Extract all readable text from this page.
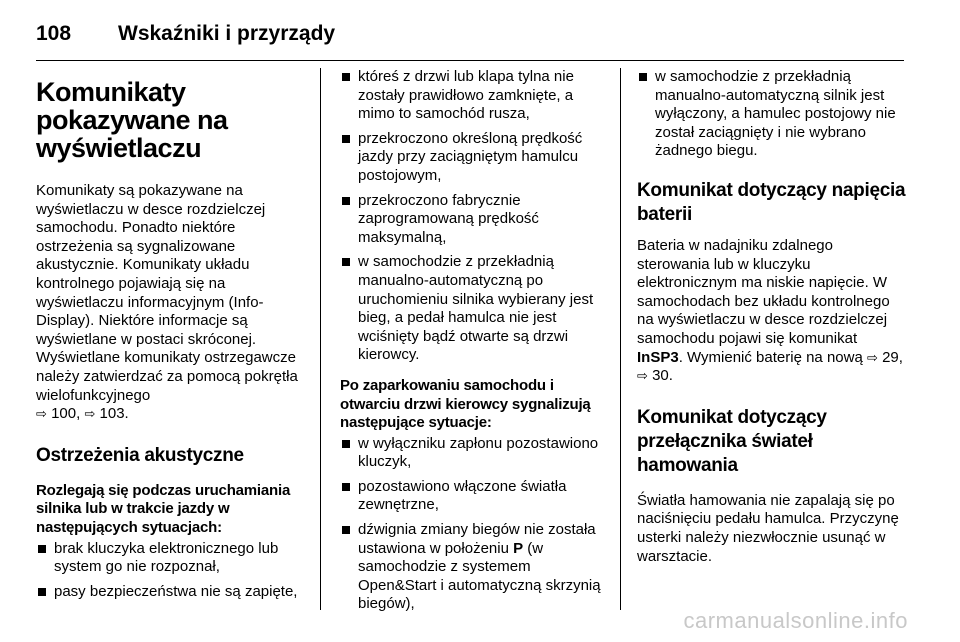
108	Wskaźniki i przyrządy
Komunikaty pokazywane na wyświetlaczu

Komunikaty są pokazywane na wyświetlaczu w desce rozdzielczej samochodu. Ponadto niektóre ostrzeżenia są sygnalizowane akustycznie. Komunikaty układu kontrolnego pojawiają się na wyświetlaczu informacyjnym (Info-Display). Niektóre informacje są wyświetlane w postaci skróconej. Wyświetlane komunikaty ostrzegawcze należy zatwierdzać za pomocą pokrętła wielofunkcyjnego
⇨ 100, ⇨ 103.

Ostrzeżenia akustyczne
Rozlegają się podczas uruchamiania silnika lub w trakcie jazdy w następujących sytuacjach:
brak kluczyka elektronicznego lub system go nie rozpoznał,
pasy bezpieczeństwa nie są zapięte,
któreś z drzwi lub klapa tylna nie zostały prawidłowo zamknięte, a mimo to samochód rusza,
przekroczono określoną prędkość jazdy przy zaciągniętym hamulcu postojowym,
przekroczono fabrycznie zaprogramowaną prędkość maksymalną,
w samochodzie z przekładnią manualno-automatyczną po uruchomieniu silnika wybierany jest bieg, a pedał hamulca nie jest wciśnięty bądź otwarte są drzwi kierowcy.
Po zaparkowaniu samochodu i otwarciu drzwi kierowcy sygnalizują następujące sytuacje:
w wyłączniku zapłonu pozostawiono kluczyk,
pozostawiono włączone światła zewnętrzne,
dźwignia zmiany biegów nie została ustawiona w położeniu P (w samochodzie z systemem Open&Start i automatyczną skrzynią biegów),
w samochodzie z przekładnią manualno-automatyczną silnik jest wyłączony, a hamulec postojowy nie został zaciągnięty i nie wybrano żadnego biegu.
Komunikat dotyczący napięcia baterii

Bateria w nadajniku zdalnego sterowania lub w kluczyku elektronicznym ma niskie napięcie. W samochodach bez układu kontrolnego na wyświetlaczu w desce rozdzielczej samochodu pojawi się komunikat InSP3. Wymienić baterię na nową ⇨ 29, ⇨ 30.

Komunikat dotyczący przełącznika świateł hamowania

Światła hamowania nie zapalają się po naciśnięciu pedału hamulca. Przyczynę usterki należy niezwłocznie usunąć w warsztacie.

carmanualsonline.info
